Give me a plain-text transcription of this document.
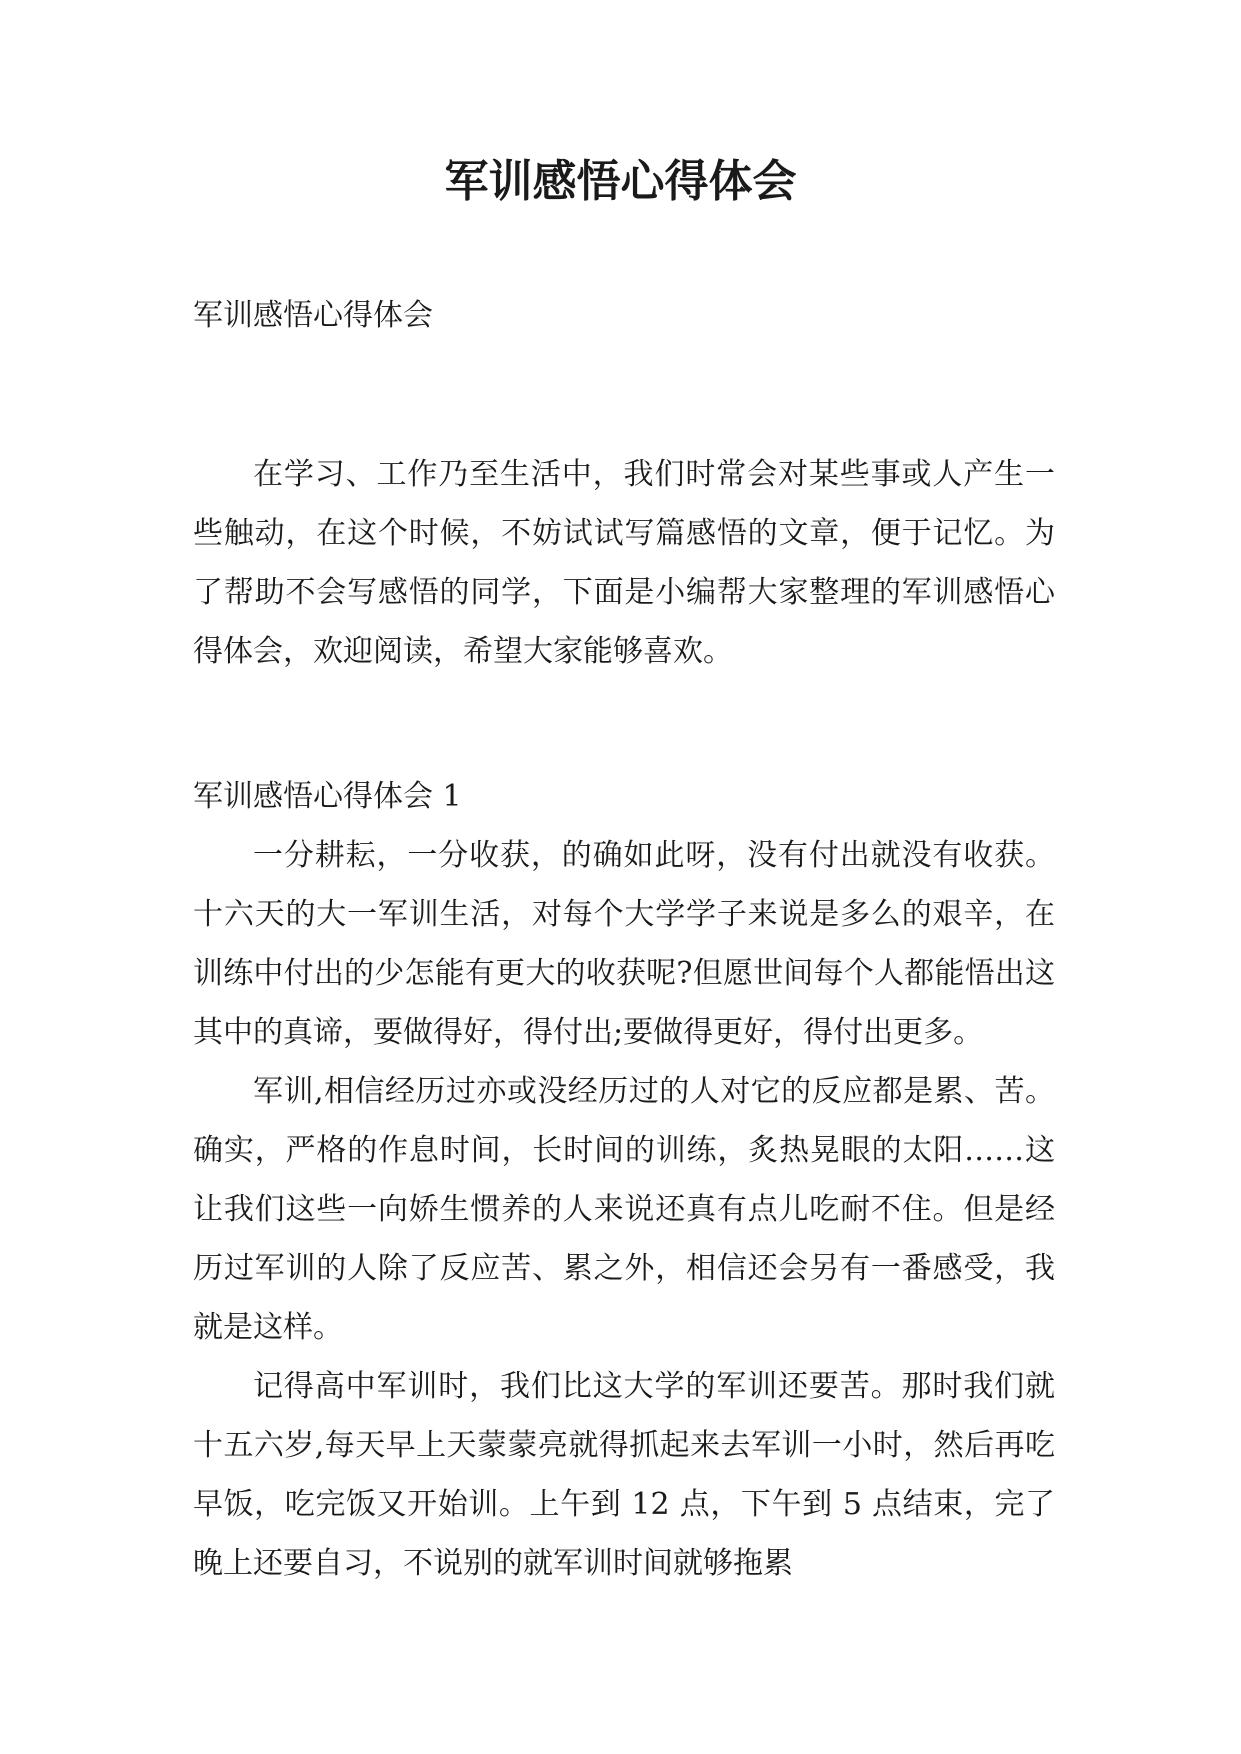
军训感悟心得体会

军训感悟心得体会

在学习、工作乃至生活中，我们时常会对某些事或人产生一些触动，在这个时候，不妨试试写篇感悟的文章，便于记忆。为了帮助不会写感悟的同学，下面是小编帮大家整理的军训感悟心得体会，欢迎阅读，希望大家能够喜欢。

军训感悟心得体会 1

一分耕耘，一分收获，的确如此呀，没有付出就没有收获。十六天的大一军训生活，对每个大学学子来说是多么的艰辛，在训练中付出的少怎能有更大的收获呢?但愿世间每个人都能悟出这其中的真谛，要做得好，得付出;要做得更好，得付出更多。

军训,相信经历过亦或没经历过的人对它的反应都是累、苦。确实，严格的作息时间，长时间的训练，炙热晃眼的太阳……这让我们这些一向娇生惯养的人来说还真有点儿吃耐不住。但是经历过军训的人除了反应苦、累之外，相信还会另有一番感受，我就是这样。

记得高中军训时，我们比这大学的军训还要苦。那时我们就十五六岁,每天早上天蒙蒙亮就得抓起来去军训一小时，然后再吃早饭，吃完饭又开始训。上午到 12 点，下午到 5 点结束，完了晚上还要自习，不说别的就军训时间就够拖累
